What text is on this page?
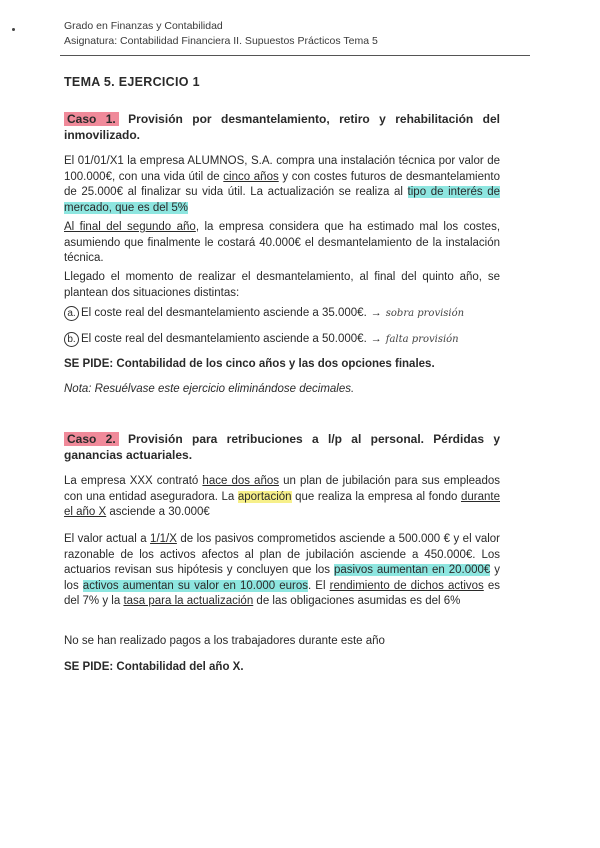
Grado en Finanzas y Contabilidad
Asignatura: Contabilidad Financiera II. Supuestos Prácticos Tema 5
TEMA 5. EJERCICIO 1
Caso 1. Provisión por desmantelamiento, retiro y rehabilitación del inmovilizado.
El 01/01/X1 la empresa ALUMNOS, S.A. compra una instalación técnica por valor de 100.000€, con una vida útil de cinco años y con costes futuros de desmantelamiento de 25.000€ al finalizar su vida útil. La actualización se realiza al tipo de interés de mercado, que es del 5%
Al final del segundo año, la empresa considera que ha estimado mal los costes, asumiendo que finalmente le costará 40.000€ el desmantelamiento de la instalación técnica.
Llegado el momento de realizar el desmantelamiento, al final del quinto año, se plantean dos situaciones distintas:
a. El coste real del desmantelamiento asciende a 35.000€. → sobra provisión
b. El coste real del desmantelamiento asciende a 50.000€. → falta provisión
SE PIDE: Contabilidad de los cinco años y las dos opciones finales.
Nota: Resuélvase este ejercicio eliminándose decimales.
Caso 2. Provisión para retribuciones a l/p al personal. Pérdidas y ganancias actuariales.
La empresa XXX contrató hace dos años un plan de jubilación para sus empleados con una entidad aseguradora. La aportación que realiza la empresa al fondo durante el año X asciende a 30.000€
El valor actual a 1/1/X de los pasivos comprometidos asciende a 500.000 € y el valor razonable de los activos afectos al plan de jubilación asciende a 450.000€. Los actuarios revisan sus hipótesis y concluyen que los pasivos aumentan en 20.000€ y los activos aumentan su valor en 10.000 euros. El rendimiento de dichos activos es del 7% y la tasa para la actualización de las obligaciones asumidas es del 6%
No se han realizado pagos a los trabajadores durante este año
SE PIDE: Contabilidad del año X.
